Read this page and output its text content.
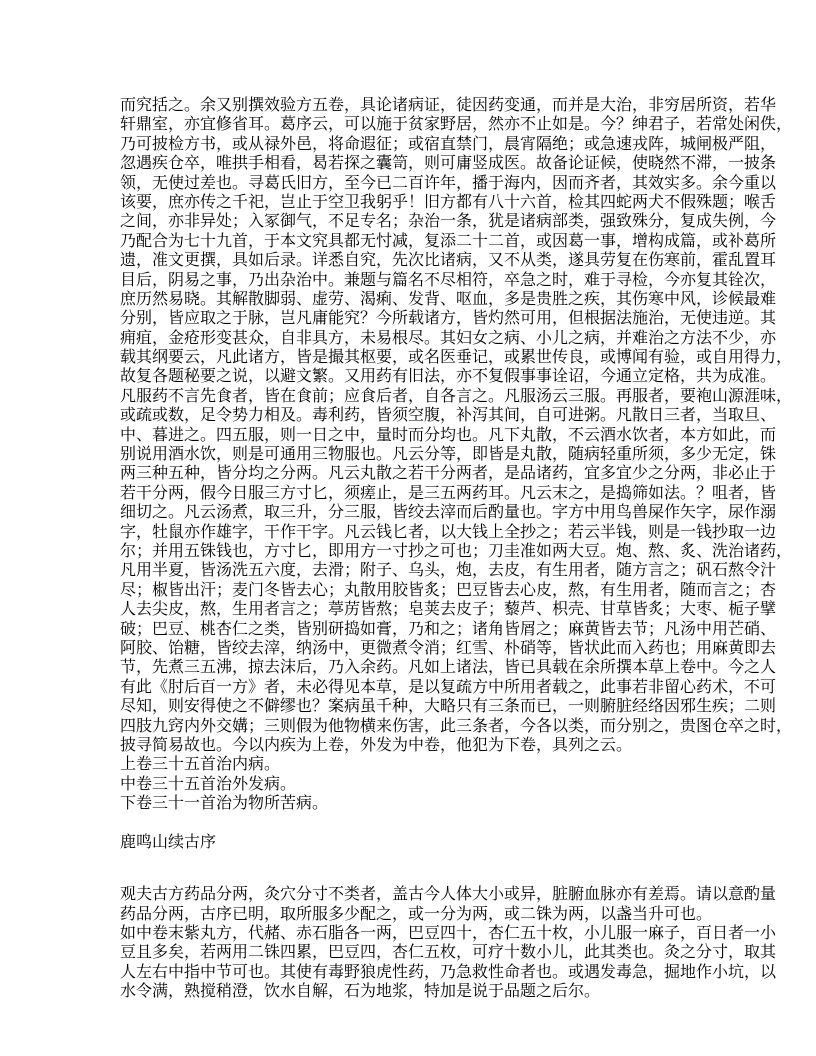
而究括之。余又别撰效验方五卷，具论诸病证，徒因药变通，而并是大治，非穷居所资，若华
轩鼎室，亦宜修省耳。葛序云，可以施于贫家野居，然亦不止如是。今？绅君子，若常处闲佚，
乃可披检方书，或从禄外邑，将命遐征；或宿直禁门，晨宵隔绝；或急速戎阵，城闸极严阻，
忽遇疾仓卒，唯拱手相看，曷若探之囊笥，则可庸竖成医。故备论证候，使晓然不滞，一披条
领，无使过差也。寻葛氏旧方，至今已二百许年，播于海内，因而齐者，其效实多。余今重以
该要，庶亦传之千祀，岂止于空卫我躬乎！旧方都有八十六首，检其四蛇两犬不假殊题；喉舌
之间，亦非异处；入冢御气，不足专名；杂治一条，犹是诸病部类，强致殊分，复成失例，今
乃配合为七十九首，于本文究具都无忖减，复添二十二首，或因葛一事，增构成篇，或补葛所
遗，准文更撰，具如后录。详悉自究，先次比诸病，又不从类，遂具劳复在伤寒前，霍乱置耳
目后，阴易之事，乃出杂治中。兼题与篇名不尽相符，卒急之时，难于寻检，今亦复其铨次，
庶历然易晓。其解散脚弱、虚劳、渴痢、发背、呕血，多是贵胜之疾，其伤寒中风，诊候最难
分别，皆应取之于脉，岂凡庸能究？今所载诸方，皆灼然可用，但根据法施治，无使违逆。其
痈疽，金疮形变甚众，自非具方，未易根尽。其妇女之病、小儿之病，并难治之方法不少，亦
载其纲要云，凡此诸方，皆是撮其枢要，或名医垂记，或累世传良，或博闻有验，或自用得力，
故复各题秘要之说，以避文繁。又用药有旧法，亦不复假事事诠诏，今通立定格，共为成准。
凡服药不言先食者，皆在食前；应食后者，自各言之。凡服汤云三服。再服者，要袍山源涯味，
或疏或数，足令势力相及。毒利药，皆须空腹，补泻其间，自可进粥。凡散日三者，当取旦、
中、暮进之。四五服，则一日之中，量时而分均也。凡下丸散，不云酒水饮者，本方如此，而
别说用酒水饮，则是可通用三物服也。凡云分等，即皆是丸散，随病轻重所须，多少无定，铢
两三种五种，皆分均之分两。凡云丸散之若干分两者，是品诸药，宜多宜少之分两，非必止于
若干分两，假今日服三方寸匕，须瘥止，是三五两药耳。凡云末之，是捣筛如法。？咀者，皆
细切之。凡云汤煮，取三升，分三服，皆绞去滓而后酌量也。字方中用鸟兽屎作矢字，尿作溺
字，牡鼠亦作雄字，干作干字。凡云钱匕者，以大钱上全抄之；若云半钱，则是一钱抄取一边
尔；并用五铢钱也，方寸匕，即用方一寸抄之可也；刀圭准如两大豆。炮、熬、炙、洗治诸药，
凡用半夏，皆汤洗五六度，去滑；附子、乌头，炮，去皮，有生用者，随方言之；矾石熬令汁
尽；椒皆出汗；麦门冬皆去心；丸散用胶皆炙；巴豆皆去心皮，熬，有生用者，随而言之；杏
人去尖皮，熬，生用者言之；葶苈皆熬；皂荚去皮子；藜芦、枳壳、甘草皆炙；大枣、栀子擘
破；巴豆、桃杏仁之类，皆别研捣如膏，乃和之；诸角皆屑之；麻黄皆去节；凡汤中用芒硝、
阿胶、饴糖，皆绞去滓，纳汤中，更微煮令消；红雪、朴硝等，皆状此而入药也；用麻黄即去
节，先煮三五沸，掠去沫后，乃入余药。凡如上诸法，皆已具载在余所撰本草上卷中。今之人
有此《肘后百一方》者，未必得见本草，是以复疏方中所用者载之，此事若非留心药术，不可
尽知，则安得使之不僻缪也？案病虽千种，大略只有三条而已，一则腑脏经络因邪生疾；二则
四肢九窍内外交媾；三则假为他物横来伤害，此三条者，今各以类，而分别之，贵图仓卒之时，
披寻简易故也。今以内疾为上卷，外发为中卷，他犯为下卷，具列之云。
上卷三十五首治内病。
中卷三十五首治外发病。
下卷三十一首治为物所苦病。
鹿鸣山续古序
观夫古方药品分两，灸穴分寸不类者，盖古今人体大小或异，脏腑血脉亦有差焉。请以意酌量
药品分两，古序已明，取所服多少配之，或一分为两，或二铢为两，以盏当升可也。
如中卷末紫丸方，代赭、赤石脂各一两，巴豆四十，杏仁五十枚，小儿服一麻子，百日者一小
豆且多矣，若两用二铢四累，巴豆四，杏仁五枚，可疗十数小儿，此其类也。灸之分寸，取其
人左右中指中节可也。其使有毒野狼虎性药，乃急救性命者也。或遇发毒急，掘地作小坑，以
水令满，熟搅稍澄，饮水自解，石为地浆，特加是说于品题之后尔。
